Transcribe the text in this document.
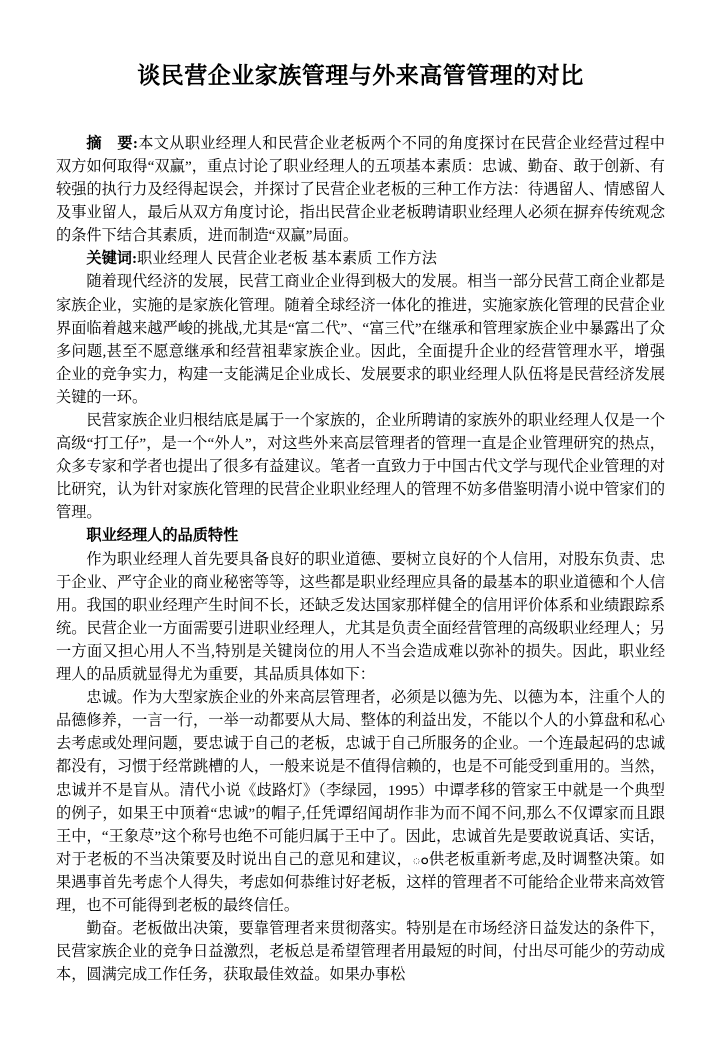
谈民营企业家族管理与外来高管管理的对比

摘　要:本文从职业经理人和民营企业老板两个不同的角度探讨在民营企业经营过程中双方如何取得“双赢”，重点讨论了职业经理人的五项基本素质：忠诚、勤奋、敢于创新、有较强的执行力及经得起误会，并探讨了民营企业老板的三种工作方法：待遇留人、情感留人及事业留人，最后从双方角度讨论，指出民营企业老板聘请职业经理人必须在摒弃传统观念的条件下结合其素质，进而制造“双赢”局面。

关键词:职业经理人 民营企业老板 基本素质 工作方法

随着现代经济的发展，民营工商业企业得到极大的发展。相当一部分民营工商企业都是家族企业，实施的是家族化管理。随着全球经济一体化的推进，实施家族化管理的民营企业界面临着越来越严峻的挑战,尤其是“富二代”、“富三代”在继承和管理家族企业中暴露出了众多问题,甚至不愿意继承和经营祖辈家族企业。因此，全面提升企业的经营管理水平，增强企业的竞争实力，构建一支能满足企业成长、发展要求的职业经理人队伍将是民营经济发展关键的一环。

民营家族企业归根结底是属于一个家族的，企业所聘请的家族外的职业经理人仅是一个高级“打工仔”，是一个“外人”，对这些外来高层管理者的管理一直是企业管理研究的热点，众多专家和学者也提出了很多有益建议。笔者一直致力于中国古代文学与现代企业管理的对比研究，认为针对家族化管理的民营企业职业经理人的管理不妨多借鉴明清小说中管家们的管理。

职业经理人的品质特性

作为职业经理人首先要具备良好的职业道德、要树立良好的个人信用，对股东负责、忠于企业、严守企业的商业秘密等等，这些都是职业经理应具备的最基本的职业道德和个人信用。我国的职业经理产生时间不长，还缺乏发达国家那样健全的信用评价体系和业绩跟踪系统。民营企业一方面需要引进职业经理人，尤其是负责全面经营管理的高级职业经理人；另一方面又担心用人不当,特别是关键岗位的用人不当会造成难以弥补的损失。因此，职业经理人的品质就显得尤为重要，其品质具体如下：

忠诚。作为大型家族企业的外来高层管理者，必须是以德为先、以德为本，注重个人的品德修养，一言一行，一举一动都要从大局、整体的利益出发，不能以个人的小算盘和私心去考虑或处理问题，要忠诚于自己的老板，忠诚于自己所服务的企业。一个连最起码的忠诚都没有，习惯于经常跳槽的人，一般来说是不值得信赖的，也是不可能受到重用的。当然，忠诚并不是盲从。清代小说《歧路灯》（李绿园，1995）中谭孝移的管家王中就是一个典型的例子，如果王中顶着“忠诚”的帽子,任凭谭绍闻胡作非为而不闻不问,那么不仅谭家而且跟王中，“王象荩”这个称号也绝不可能归属于王中了。因此，忠诚首先是要敢说真话、实话，对于老板的不当决策要及时说出自己的意见和建议，ం供老板重新考虑,及时调整决策。如果遇事首先考虑个人得失，考虑如何恭维讨好老板，这样的管理者不可能给企业带来高效管理，也不可能得到老板的最终信任。

勤奋。老板做出决策，要靠管理者来贯彻落实。特别是在市场经济日益发达的条件下，民营家族企业的竞争日益激烈，老板总是希望管理者用最短的时间，付出尽可能少的劳动成本，圆满完成工作任务，获取最佳效益。如果办事松
